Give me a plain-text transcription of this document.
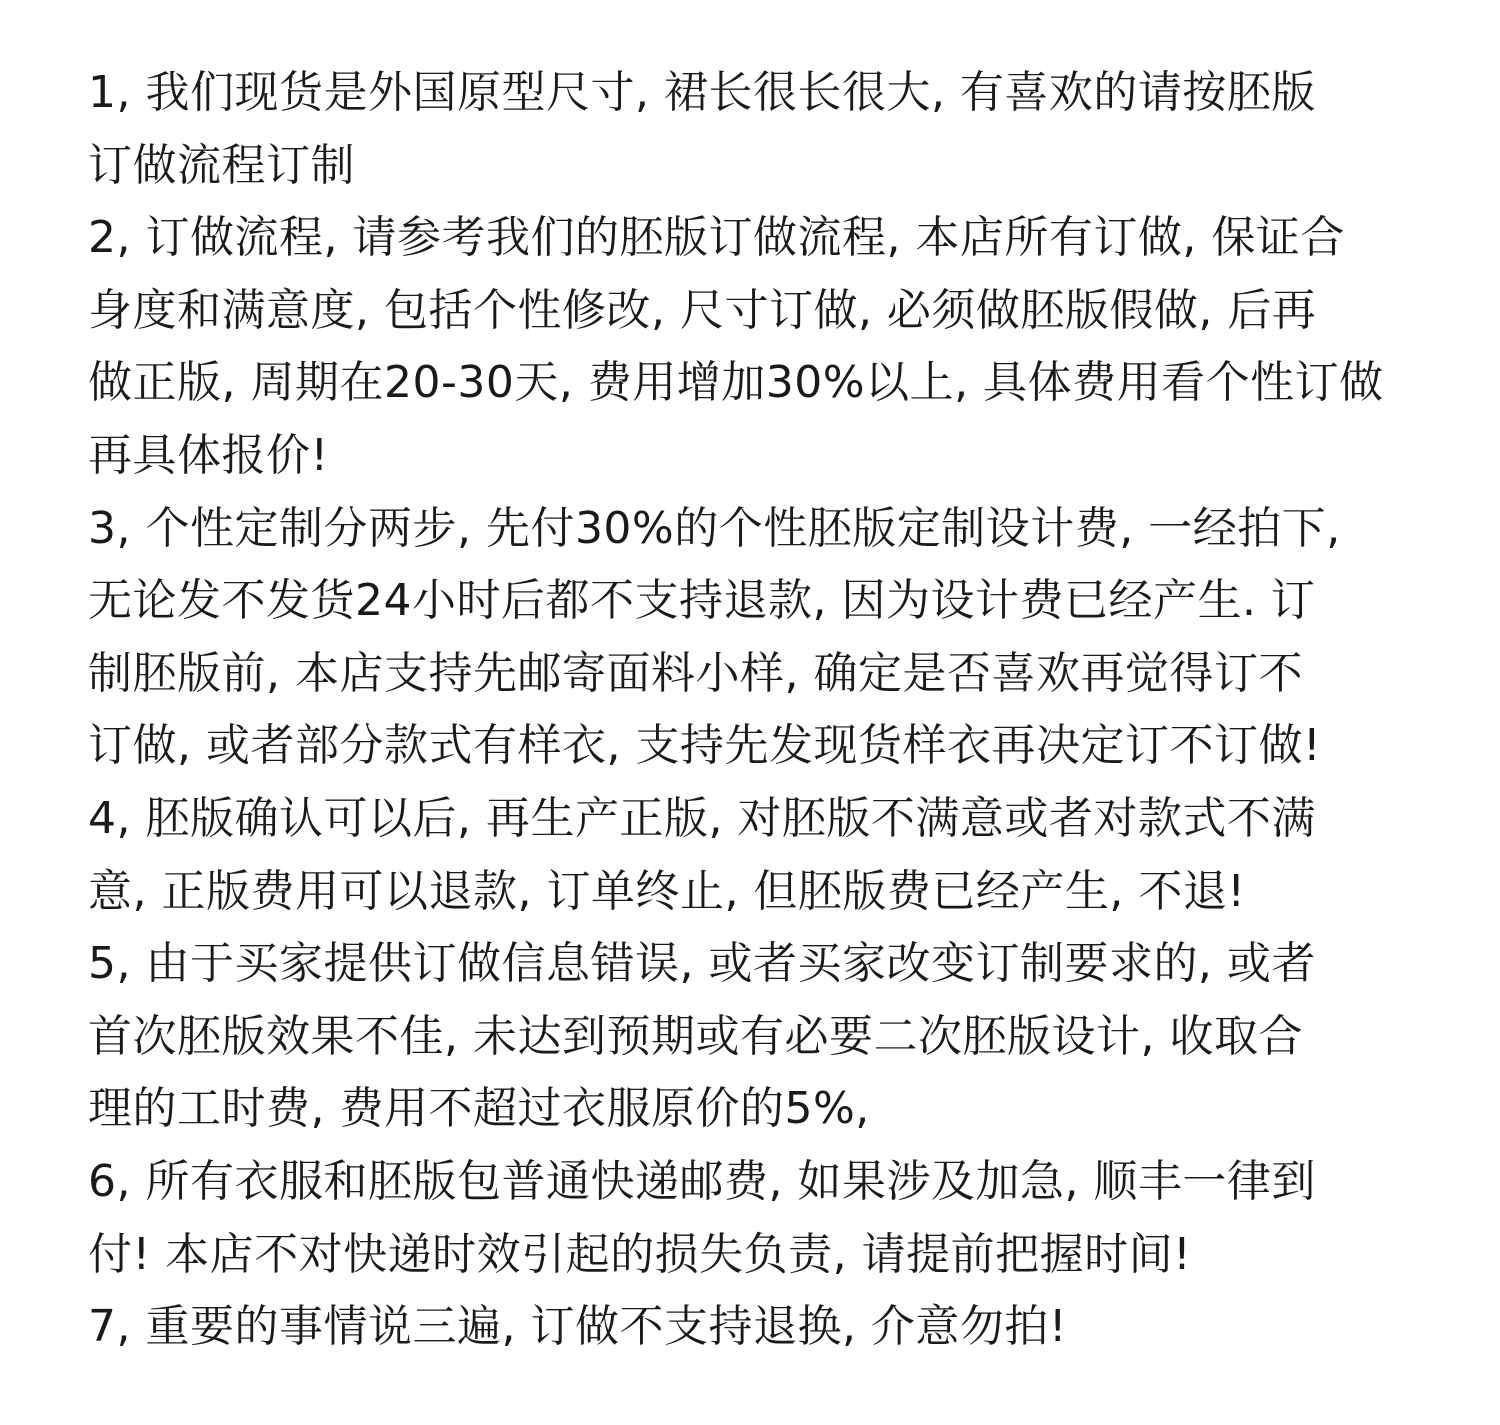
1, 我们现货是外国原型尺寸, 裙长很长很大, 有喜欢的请按胚版
订做流程订制

2, 订做流程, 请参考我们的胚版订做流程, 本店所有订做, 保证合
身度和满意度, 包括个性修改, 尺寸订做, 必须做胚版假做, 后再
做正版, 周期在20-30天, 费用增加30%以上, 具体费用看个性订做
再具体报价!

3, 个性定制分两步, 先付30%的个性胚版定制设计费, 一经拍下,
无论发不发货24小时后都不支持退款, 因为设计费已经产生. 订
制胚版前, 本店支持先邮寄面料小样, 确定是否喜欢再觉得订不
订做, 或者部分款式有样衣, 支持先发现货样衣再决定订不订做!

4, 胚版确认可以后, 再生产正版, 对胚版不满意或者对款式不满
意, 正版费用可以退款, 订单终止, 但胚版费已经产生, 不退!

5, 由于买家提供订做信息错误, 或者买家改变订制要求的, 或者
首次胚版效果不佳, 未达到预期或有必要二次胚版设计, 收取合
理的工时费, 费用不超过衣服原价的5%,

6, 所有衣服和胚版包普通快递邮费, 如果涉及加急, 顺丰一律到
付! 本店不对快递时效引起的损失负责, 请提前把握时间!

7, 重要的事情说三遍, 订做不支持退换, 介意勿拍!
